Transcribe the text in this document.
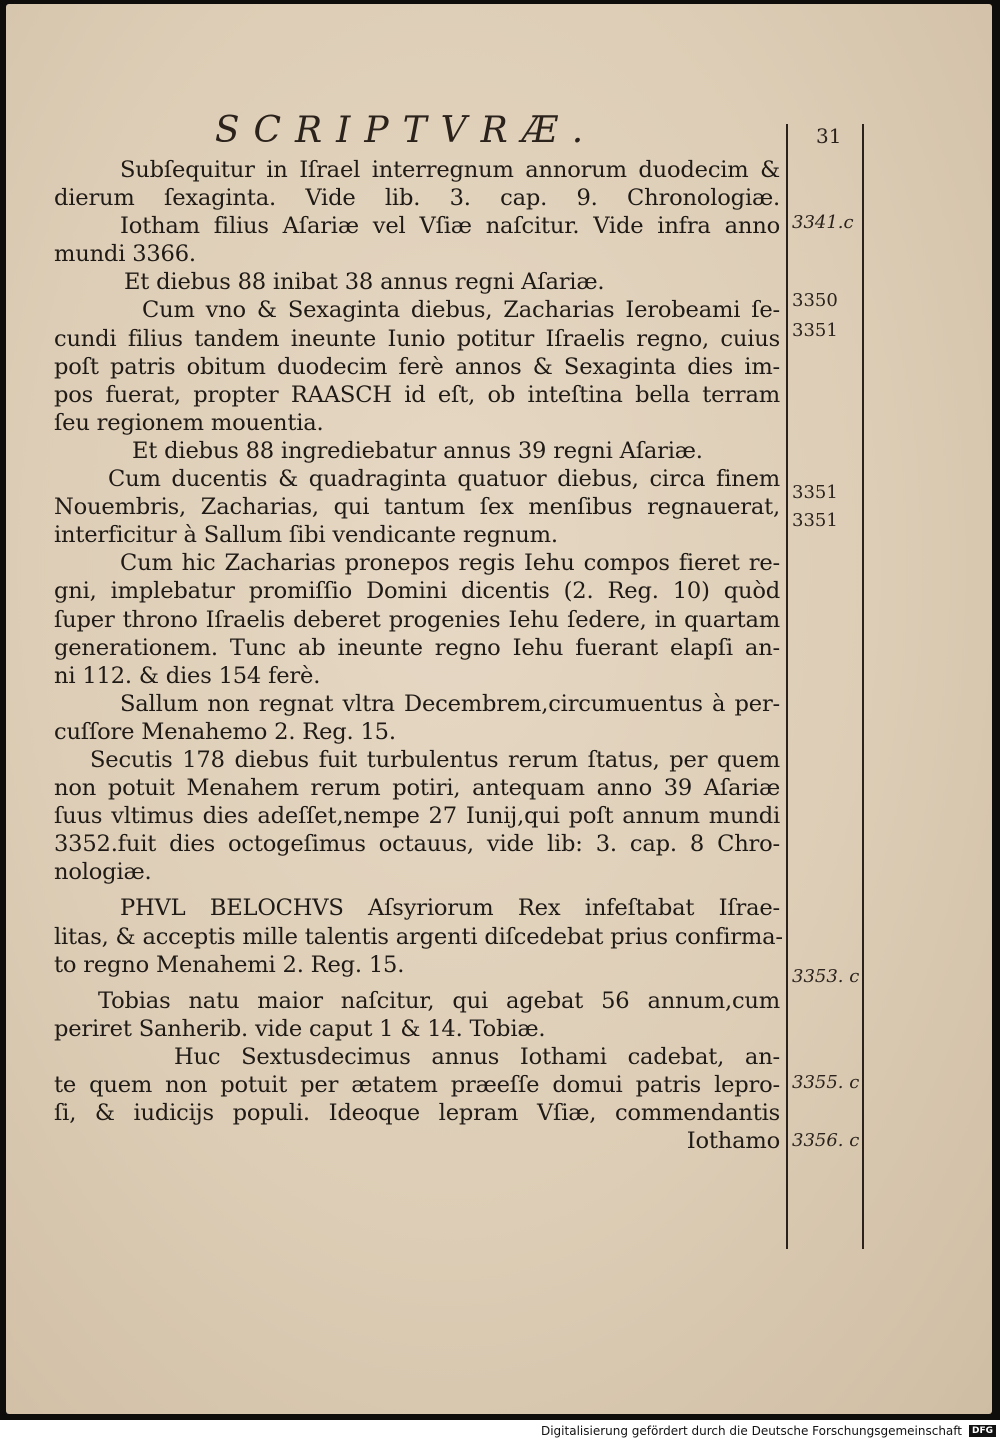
SCRIPTVRÆ.	31
Subſequitur in Iſrael interregnum annorum duodecim &
dierum ſexaginta. Vide lib. 3. cap. 9. Chronologiæ.
Iotham filius Aſariæ vel Vſiæ naſcitur. Vide infra anno
mundi 3366.
Et diebus 88 inibat 38 annus regni Aſariæ.
Cum vno & Sexaginta diebus, Zacharias Ierobeami ſe-
cundi filius tandem ineunte Iunio potitur Iſraelis regno, cuius
poſt patris obitum duodecim ferè annos & Sexaginta dies im-
pos fuerat, propter RAASCH id eſt, ob inteſtina bella terram
ſeu regionem mouentia.
Et diebus 88 ingrediebatur annus 39 regni Aſariæ.
Cum ducentis & quadraginta quatuor diebus, circa finem
Nouembris, Zacharias, qui tantum ſex menſibus regnauerat,
interficitur à Sallum ſibi vendicante regnum.
Cum hic Zacharias pronepos regis Iehu compos fieret re-
gni, implebatur promiſſio Domini dicentis (2. Reg. 10) quòd
ſuper throno Iſraelis deberet progenies Iehu ſedere, in quartam
generationem. Tunc ab ineunte regno Iehu fuerant elapſi an-
ni 112. & dies 154 ferè.
Sallum non regnat vltra Decembrem,circumuentus à per-
cuſſore Menahemo 2. Reg. 15.
Secutis 178 diebus fuit turbulentus rerum ſtatus, per quem
non potuit Menahem rerum potiri, antequam anno 39 Aſariæ
ſuus vltimus dies adeſſet,nempe 27 Iunij,qui poſt annum mundi
3352.fuit dies octogeſimus octauus, vide lib: 3. cap. 8 Chro-
nologiæ.
PHVL BELOCHVS Aſsyriorum Rex infeſtabat Iſrae-
litas, & acceptis mille talentis argenti diſcedebat prius confirma-
to regno Menahemi 2. Reg. 15.
Tobias natu maior naſcitur, qui agebat 56 annum,cum
periret Sanherib. vide caput 1 & 14. Tobiæ.
Huc Sextusdecimus annus Iothami cadebat, an-
te quem non potuit per ætatem præeſſe domui patris lepro-
ſi, & iudicijs populi. Ideoque lepram Vſiæ, commendantis
Iothamo
3341.c
3350
3351
3351
3351
3353. c
3355. c
3356. c
Digitalisierung gefördert durch die Deutsche Forschungsgemeinschaft	DFG
